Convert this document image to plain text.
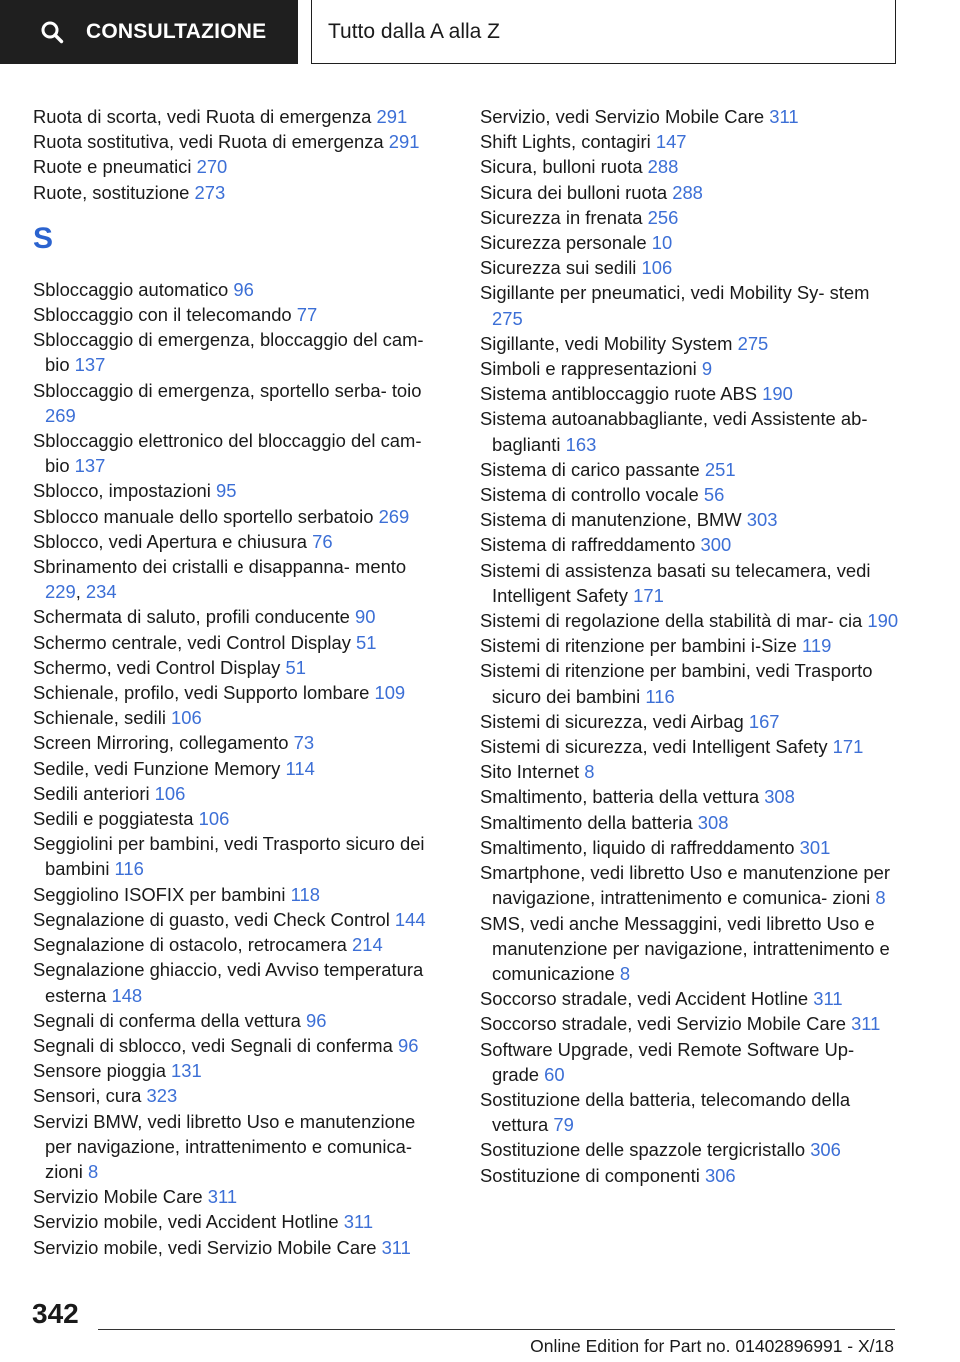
CONSULTAZIONE	Tutto dalla A alla Z
Ruota di scorta, vedi Ruota di emergenza 291
Ruota sostitutiva, vedi Ruota di emergenza 291
Ruote e pneumatici 270
Ruote, sostituzione 273
S
Sbloccaggio automatico 96
Sbloccaggio con il telecomando 77
Sbloccaggio di emergenza, bloccaggio del cam‐ bio 137
Sbloccaggio di emergenza, sportello serba‐ toio 269
Sbloccaggio elettronico del bloccaggio del cam‐ bio 137
Sblocco, impostazioni 95
Sblocco manuale dello sportello serbatoio 269
Sblocco, vedi Apertura e chiusura 76
Sbrinamento dei cristalli e disappanna‐ mento 229, 234
Schermata di saluto, profili conducente 90
Schermo centrale, vedi Control Display 51
Schermo, vedi Control Display 51
Schienale, profilo, vedi Supporto lombare 109
Schienale, sedili 106
Screen Mirroring, collegamento 73
Sedile, vedi Funzione Memory 114
Sedili anteriori 106
Sedili e poggiatesta 106
Seggiolini per bambini, vedi Trasporto sicuro dei bambini 116
Seggiolino ISOFIX per bambini 118
Segnalazione di guasto, vedi Check Control 144
Segnalazione di ostacolo, retrocamera 214
Segnalazione ghiaccio, vedi Avviso temperatura esterna 148
Segnali di conferma della vettura 96
Segnali di sblocco, vedi Segnali di conferma 96
Sensore pioggia 131
Sensori, cura 323
Servizi BMW, vedi libretto Uso e manutenzione per navigazione, intrattenimento e comunica‐ zioni 8
Servizio Mobile Care 311
Servizio mobile, vedi Accident Hotline 311
Servizio mobile, vedi Servizio Mobile Care 311
Servizio, vedi Servizio Mobile Care 311
Shift Lights, contagiri 147
Sicura, bulloni ruota 288
Sicura dei bulloni ruota 288
Sicurezza in frenata 256
Sicurezza personale 10
Sicurezza sui sedili 106
Sigillante per pneumatici, vedi Mobility Sy‐ stem 275
Sigillante, vedi Mobility System 275
Simboli e rappresentazioni 9
Sistema antibloccaggio ruote ABS 190
Sistema autoanabbagliante, vedi Assistente ab‐ baglianti 163
Sistema di carico passante 251
Sistema di controllo vocale 56
Sistema di manutenzione, BMW 303
Sistema di raffreddamento 300
Sistemi di assistenza basati su telecamera, vedi Intelligent Safety 171
Sistemi di regolazione della stabilità di mar‐ cia 190
Sistemi di ritenzione per bambini i-Size 119
Sistemi di ritenzione per bambini, vedi Trasporto sicuro dei bambini 116
Sistemi di sicurezza, vedi Airbag 167
Sistemi di sicurezza, vedi Intelligent Safety 171
Sito Internet 8
Smaltimento, batteria della vettura 308
Smaltimento della batteria 308
Smaltimento, liquido di raffreddamento 301
Smartphone, vedi libretto Uso e manutenzione per navigazione, intrattenimento e comunica‐ zioni 8
SMS, vedi anche Messaggini, vedi libretto Uso e manutenzione per navigazione, intrattenimento e comunicazione 8
Soccorso stradale, vedi Accident Hotline 311
Soccorso stradale, vedi Servizio Mobile Care 311
Software Upgrade, vedi Remote Software Up‐ grade 60
Sostituzione della batteria, telecomando della vettura 79
Sostituzione delle spazzole tergicristallo 306
Sostituzione di componenti 306
342
Online Edition for Part no. 01402896991 - X/18
